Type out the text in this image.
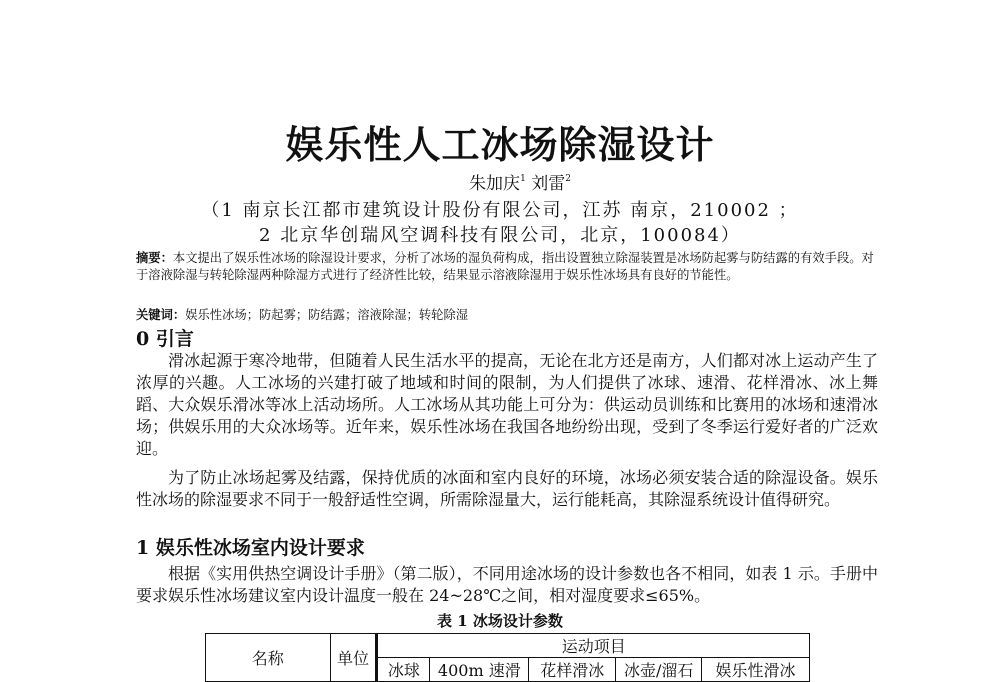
娱乐性人工冰场除湿设计
朱加庆$^1$ 刘雷$^2$
（1 南京长江都市建筑设计股份有限公司，江苏 南京，210002 ；
2 北京华创瑞风空调科技有限公司，北京，100084）

摘要：本文提出了娱乐性冰场的除湿设计要求，分析了冰场的湿负荷构成，指出设置独立除湿装置是冰场防起雾与防结露的有效手段。对于溶液除湿与转轮除湿两种除湿方式进行了经济性比较，结果显示溶液除湿用于娱乐性冰场具有良好的节能性。

关键词：娱乐性冰场；防起雾；防结露；溶液除湿；转轮除湿

0 引言

滑冰起源于寒冷地带，但随着人民生活水平的提高，无论在北方还是南方，人们都对冰上运动产生了浓厚的兴趣。人工冰场的兴建打破了地域和时间的限制，为人们提供了冰球、速滑、花样滑冰、冰上舞蹈、大众娱乐滑冰等冰上活动场所。人工冰场从其功能上可分为：供运动员训练和比赛用的冰场和速滑冰场；供娱乐用的大众冰场等。近年来，娱乐性冰场在我国各地纷纷出现，受到了冬季运行爱好者的广泛欢迎。

为了防止冰场起雾及结露，保持优质的冰面和室内良好的环境，冰场必须安装合适的除湿设备。娱乐性冰场的除湿要求不同于一般舒适性空调，所需除湿量大，运行能耗高，其除湿系统设计值得研究。

1 娱乐性冰场室内设计要求

根据《实用供热空调设计手册》（第二版），不同用途冰场的设计参数也各不相同，如表 1 示。手册中要求娱乐性冰场建议室内设计温度一般在 24~28℃之间，相对湿度要求≤65%。

表 1 冰场设计参数
名称	单位	运动项目				
		冰球	400m 速滑	花样滑冰	冰壶/溜石	娱乐性滑冰
